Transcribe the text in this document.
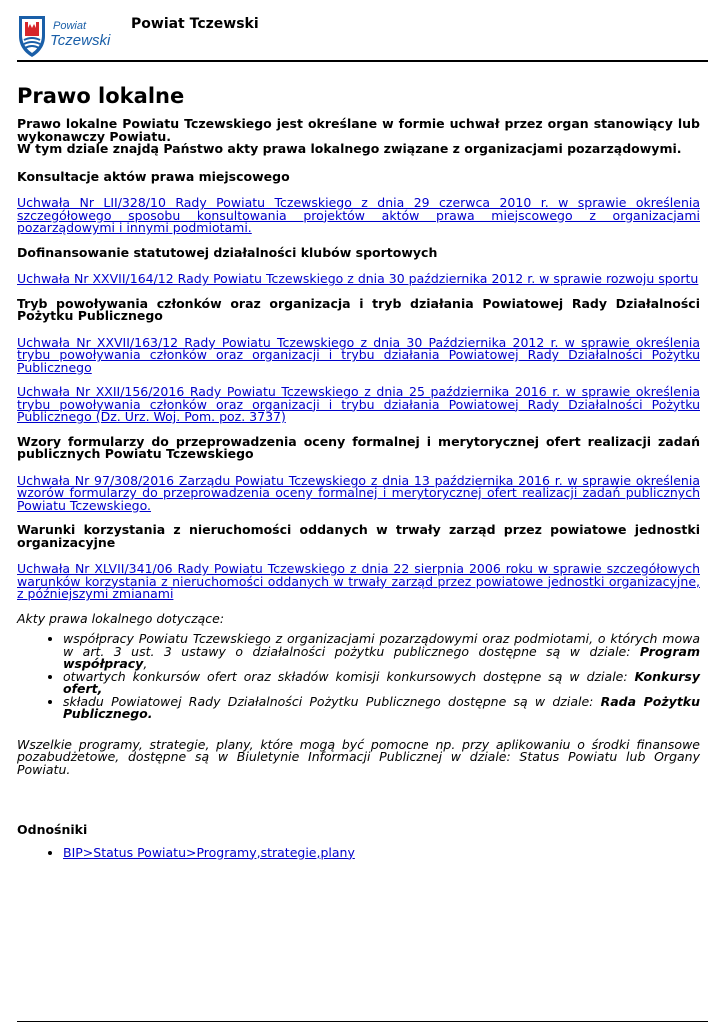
Powiat
Tczewski
Powiat Tczewski
Prawo lokalne

Prawo lokalne Powiatu Tczewskiego jest określane w formie uchwał przez organ stanowiący lub wykonawczy Powiatu.

W tym dziale znajdą Państwo akty prawa lokalnego związane z organizacjami pozarządowymi.

Konsultacje aktów prawa miejscowego
Uchwała Nr LII/328/10 Rady Powiatu Tczewskiego z dnia 29 czerwca 2010 r. w sprawie określenia szczegółowego sposobu konsultowania projektów aktów prawa miejscowego z organizacjami pozarządowymi i innymi podmiotami.
Dofinansowanie statutowej działalności klubów sportowych
Uchwała Nr XXVII/164/12 Rady Powiatu Tczewskiego z dnia 30 października 2012 r. w sprawie rozwoju sportu
Tryb powoływania członków oraz organizacja i tryb działania Powiatowej Rady Działalności Pożytku Publicznego
Uchwała Nr XXVII/163/12 Rady Powiatu Tczewskiego z dnia 30 Października 2012 r. w sprawie określenia trybu powoływania członków oraz organizacji i trybu działania Powiatowej Rady Działalności Pożytku Publicznego
Uchwała Nr XXII/156/2016 Rady Powiatu Tczewskiego z dnia 25 października 2016 r. w sprawie określenia trybu powoływania członków oraz organizacji i trybu działania Powiatowej Rady Działalności Pożytku Publicznego (Dz. Urz. Woj. Pom. poz. 3737)
Wzory formularzy do przeprowadzenia oceny formalnej i merytorycznej ofert realizacji zadań publicznych Powiatu Tczewskiego
Uchwała Nr 97/308/2016 Zarządu Powiatu Tczewskiego z dnia 13 października 2016 r. w sprawie określenia wzorów formularzy do przeprowadzenia oceny formalnej i merytorycznej ofert realizacji zadań publicznych Powiatu Tczewskiego.
Warunki korzystania z nieruchomości oddanych w trwały zarząd przez powiatowe jednostki organizacyjne
Uchwała Nr XLVII/341/06 Rady Powiatu Tczewskiego z dnia 22 sierpnia 2006 roku w sprawie szczegółowych warunków korzystania z nieruchomości oddanych w trwały zarząd przez powiatowe jednostki organizacyjne, z późniejszymi zmianami

Akty prawa lokalnego dotyczące:

• współpracy Powiatu Tczewskiego z organizacjami pozarządowymi oraz podmiotami, o których mowa w art. 3 ust. 3 ustawy o działalności pożytku publicznego dostępne są w dziale: Program współpracy,
• otwartych konkursów ofert oraz składów komisji konkursowych dostępne są w dziale: Konkursy ofert,
• składu Powiatowej Rady Działalności Pożytku Publicznego dostępne są w dziale: Rada Pożytku Publicznego.

Wszelkie programy, strategie, plany, które mogą być pomocne np. przy aplikowaniu o środki finansowe pozabudżetowe, dostępne są w Biuletynie Informacji Publicznej w dziale: Status Powiatu lub Organy Powiatu.

Odnośniki
• BIP>Status Powiatu>Programy,strategie,plany
